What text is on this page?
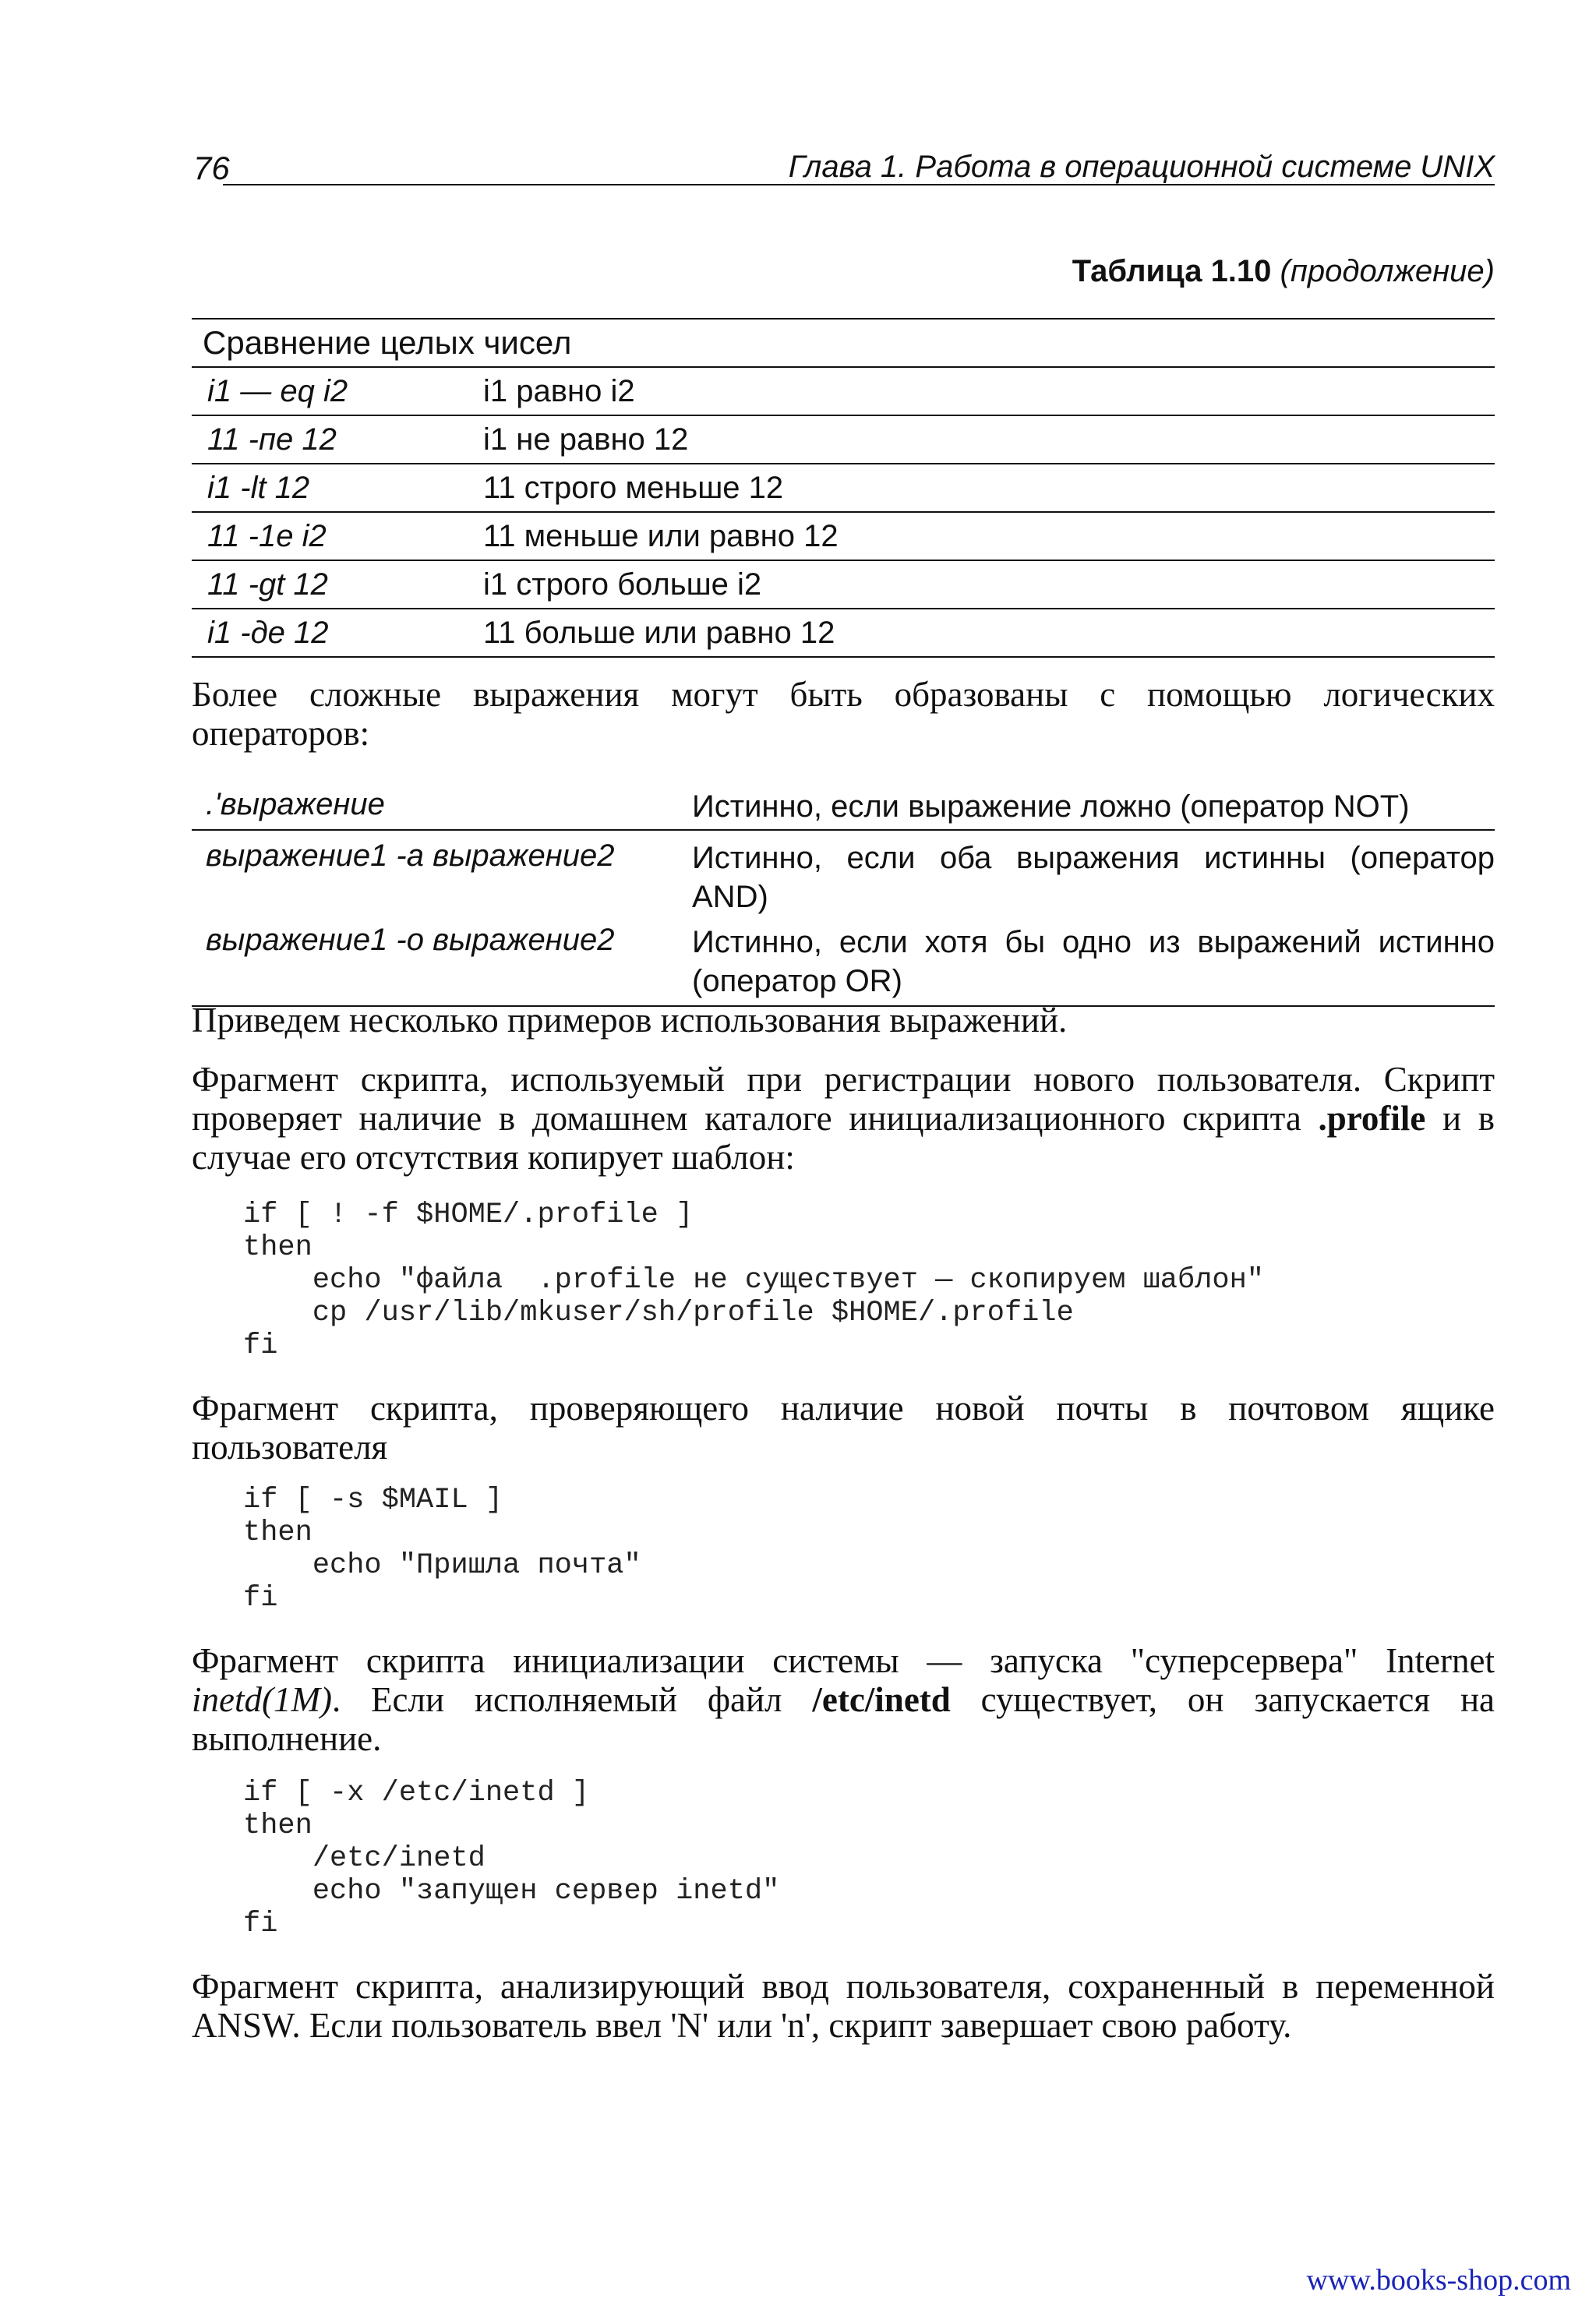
76	Глава 1. Работа в операционной системе UNIX
Таблица 1.10 (продолжение)
Сравнение целых чисел	
i1 — eq i2	i1 равно i2
11 -пе 12	i1 не равно 12
i1 -lt 12	11 строго меньше 12
11 -1е i2	11 меньше или равно 12
11 -gt 12	i1 строго больше i2
i1 -де 12	11 больше или равно 12

Более сложные выражения могут быть образованы с помощью логических операторов:

.'выражение	Истинно, если выражение ложно (оператор NOT)
выражение1 -а выражение2	Истинно, если оба выражения истинны (оператор AND)
выражение1 -о выражение2	Истинно, если хотя бы одно из выражений истинно (оператор OR)

Приведем несколько примеров использования выражений.

Фрагмент скрипта, используемый при регистрации нового пользователя. Скрипт проверяет наличие в домашнем каталоге инициализационного скрипта .profile и в случае его отсутствия копирует шаблон:

if [ ! -f $HOME/.profile ]
then
echo "файла  .profile не существует — скопируем шаблон"
cp /usr/lib/mkuser/sh/profile $HOME/.profile
fi

Фрагмент скрипта, проверяющего наличие новой почты в почтовом ящике пользователя

if [ -s $MAIL ]
then
echo "Пришла почта"
fi

Фрагмент скрипта инициализации системы — запуска "суперсервера" Internet inetd(1M). Если исполняемый файл /etc/inetd существует, он запускается на выполнение.

if [ -x /etc/inetd ]
then
/etc/inetd
echo "запущен сервер inetd"
fi

Фрагмент скрипта, анализирующий ввод пользователя, сохраненный в переменной ANSW. Если пользователь ввел 'N' или 'n', скрипт завершает свою работу.

www.books-shop.com
